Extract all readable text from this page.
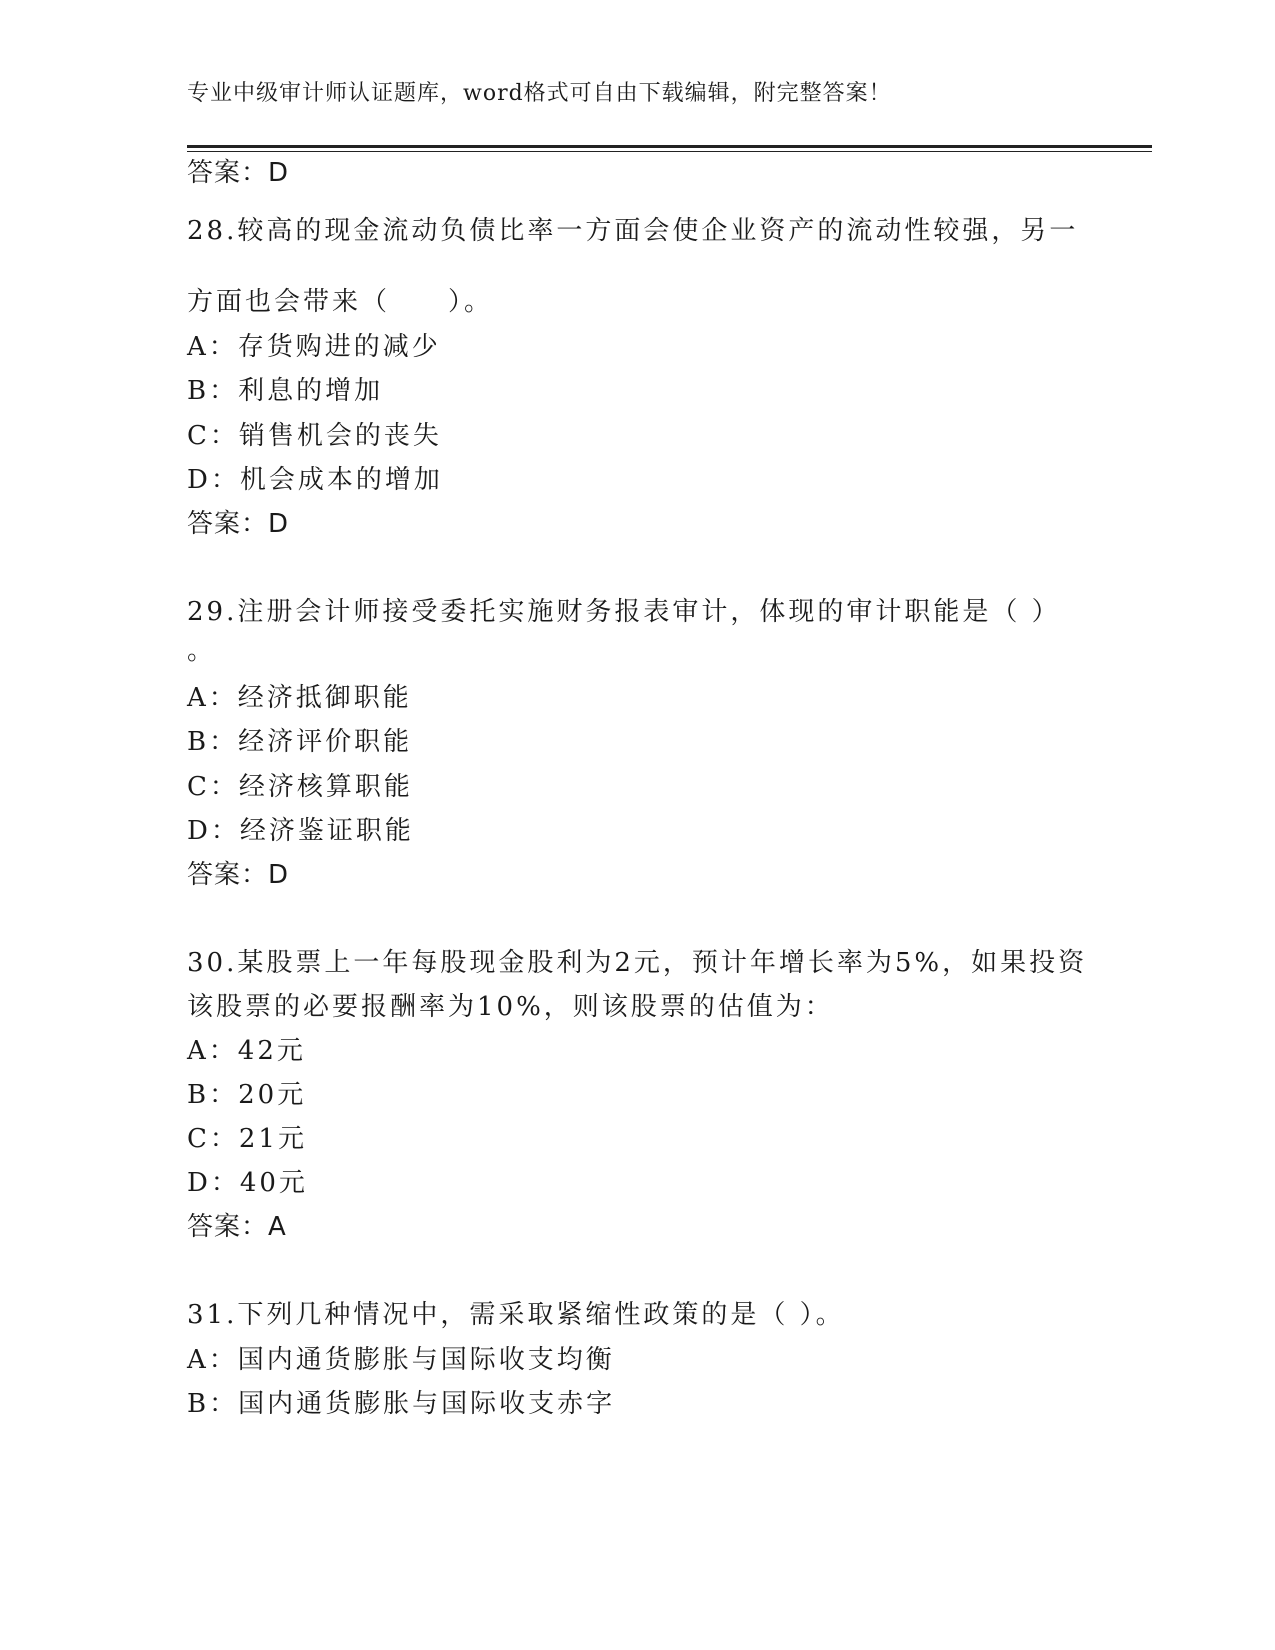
专业中级审计师认证题库，word格式可自由下载编辑，附完整答案！
答案：D
28.较高的现金流动负债比率一方面会使企业资产的流动性较强，另一
方面也会带来（　　）。
A：存货购进的减少
B：利息的增加
C：销售机会的丧失
D：机会成本的增加
答案：D
29.注册会计师接受委托实施财务报表审计，体现的审计职能是（ ）
。
A：经济抵御职能
B：经济评价职能
C：经济核算职能
D：经济鉴证职能
答案：D
30.某股票上一年每股现金股利为2元，预计年增长率为5%，如果投资
该股票的必要报酬率为10%，则该股票的估值为：
A：42元
B：20元
C：21元
D：40元
答案：A
31.下列几种情况中，需采取紧缩性政策的是（ ）。
A：国内通货膨胀与国际收支均衡
B：国内通货膨胀与国际收支赤字
